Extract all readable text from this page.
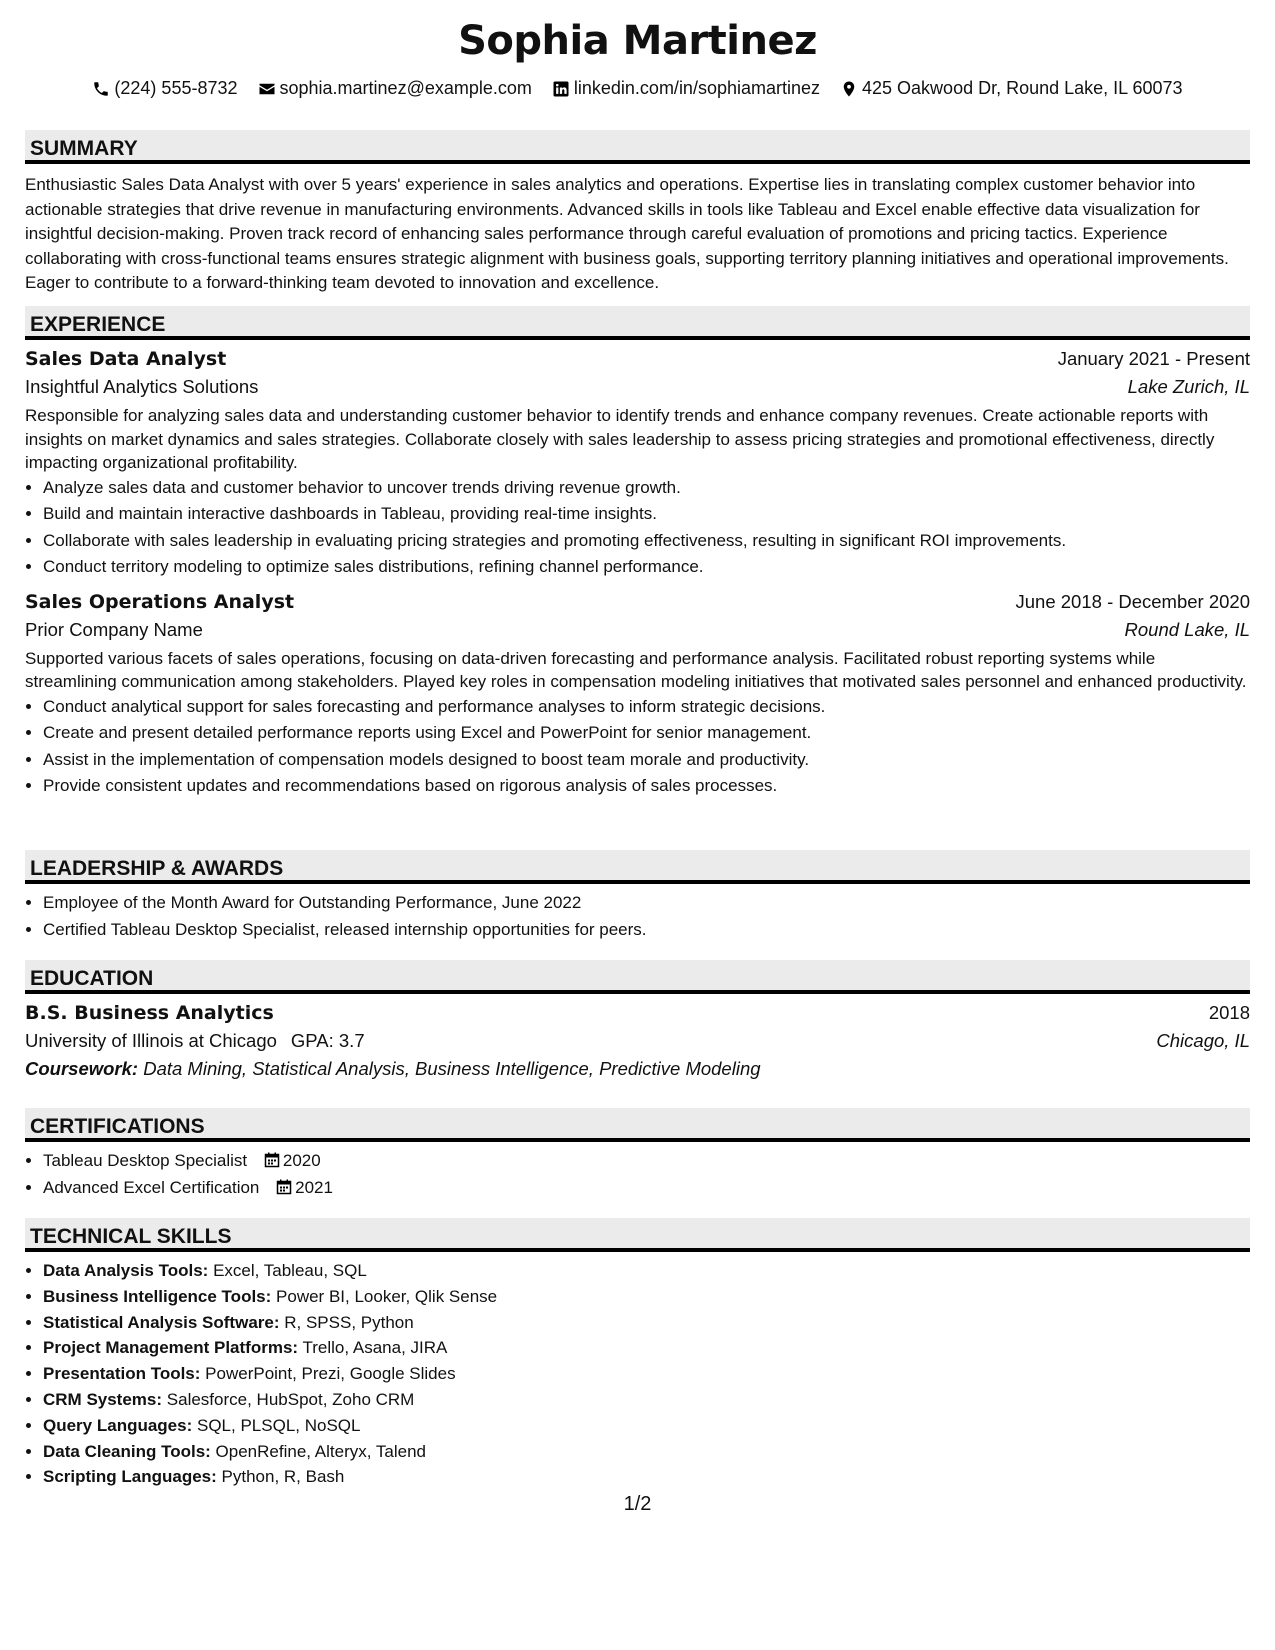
Sophia Martinez
(224) 555-8732 sophia.martinez@example.com linkedin.com/in/sophiamartinez 425 Oakwood Dr, Round Lake, IL 60073
SUMMARY

Enthusiastic Sales Data Analyst with over 5 years' experience in sales analytics and operations. Expertise lies in translating complex customer behavior into actionable strategies that drive revenue in manufacturing environments. Advanced skills in tools like Tableau and Excel enable effective data visualization for insightful decision-making. Proven track record of enhancing sales performance through careful evaluation of promotions and pricing tactics. Experience collaborating with cross-functional teams ensures strategic alignment with business goals, supporting territory planning initiatives and operational improvements. Eager to contribute to a forward-thinking team devoted to innovation and excellence.

EXPERIENCE
Sales Data Analyst	January 2021 - Present
Insightful Analytics Solutions	Lake Zurich, IL

Responsible for analyzing sales data and understanding customer behavior to identify trends and enhance company revenues. Create actionable reports with insights on market dynamics and sales strategies. Collaborate closely with sales leadership to assess pricing strategies and promotional effectiveness, directly impacting organizational profitability.

• Analyze sales data and customer behavior to uncover trends driving revenue growth.
• Build and maintain interactive dashboards in Tableau, providing real-time insights.
• Collaborate with sales leadership in evaluating pricing strategies and promoting effectiveness, resulting in significant ROI improvements.
• Conduct territory modeling to optimize sales distributions, refining channel performance.
Sales Operations Analyst	June 2018 - December 2020
Prior Company Name	Round Lake, IL

Supported various facets of sales operations, focusing on data-driven forecasting and performance analysis. Facilitated robust reporting systems while streamlining communication among stakeholders. Played key roles in compensation modeling initiatives that motivated sales personnel and enhanced productivity.

• Conduct analytical support for sales forecasting and performance analyses to inform strategic decisions.
• Create and present detailed performance reports using Excel and PowerPoint for senior management.
• Assist in the implementation of compensation models designed to boost team morale and productivity.
• Provide consistent updates and recommendations based on rigorous analysis of sales processes.
LEADERSHIP & AWARDS
• Employee of the Month Award for Outstanding Performance, June 2022
• Certified Tableau Desktop Specialist, released internship opportunities for peers.
EDUCATION
B.S. Business Analytics	2018
University of Illinois at Chicago GPA: 3.7	Chicago, IL
Coursework: Data Mining, Statistical Analysis, Business Intelligence, Predictive Modeling
CERTIFICATIONS
• Tableau Desktop Specialist 2020
• Advanced Excel Certification 2021
TECHNICAL SKILLS
• Data Analysis Tools: Excel, Tableau, SQL
• Business Intelligence Tools: Power BI, Looker, Qlik Sense
• Statistical Analysis Software: R, SPSS, Python
• Project Management Platforms: Trello, Asana, JIRA
• Presentation Tools: PowerPoint, Prezi, Google Slides
• CRM Systems: Salesforce, HubSpot, Zoho CRM
• Query Languages: SQL, PLSQL, NoSQL
• Data Cleaning Tools: OpenRefine, Alteryx, Talend
• Scripting Languages: Python, R, Bash
1/2
